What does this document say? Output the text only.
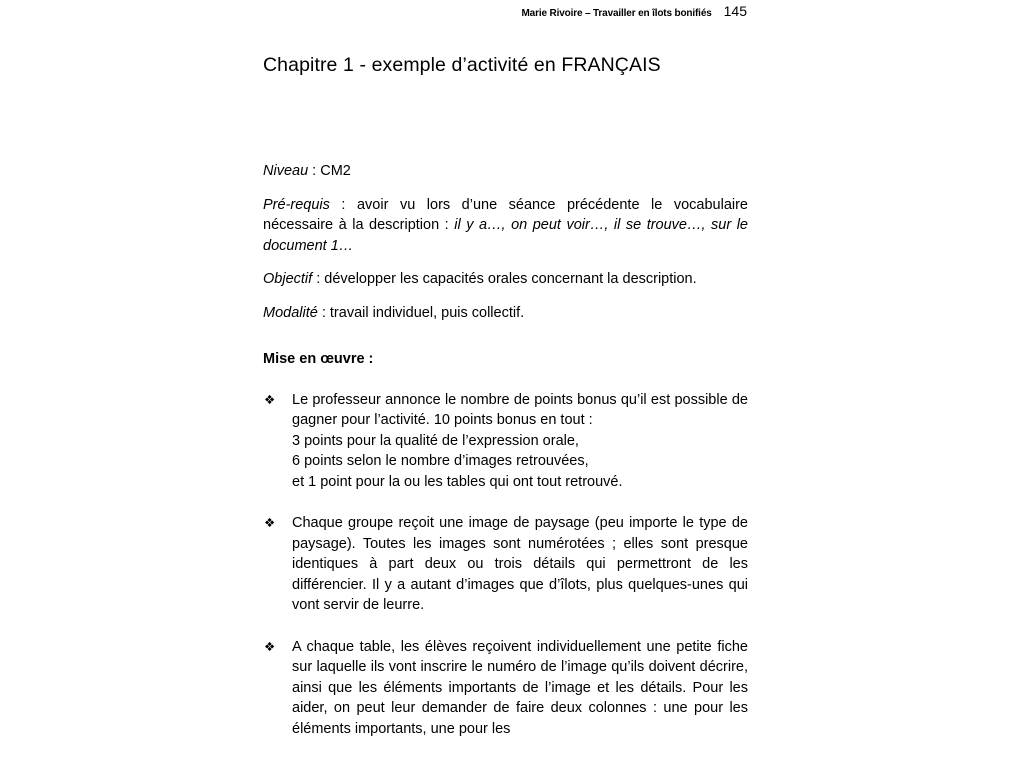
Marie Rivoire – Travailler en îlots bonifiés 145
Chapitre 1 - exemple d’activité en FRANÇAIS

Niveau : CM2

Pré-requis : avoir vu lors d’une séance précédente le vocabulaire nécessaire à la description : il y a…, on peut voir…, il se trouve…, sur le document 1…

Objectif : développer les capacités orales concernant la description.

Modalité : travail individuel, puis collectif.

Mise en œuvre :

❖ Le professeur annonce le nombre de points bonus qu’il est possible de gagner pour l’activité. 10 points bonus en tout :
3 points pour la qualité de l’expression orale,
6 points selon le nombre d’images retrouvées,
et 1 point pour la ou les tables qui ont tout retrouvé.
❖ Chaque groupe reçoit une image de paysage (peu importe le type de paysage). Toutes les images sont numérotées ; elles sont presque identiques à part deux ou trois détails qui permettront de les différencier. Il y a autant d’images que d’îlots, plus quelques-unes qui vont servir de leurre.
❖ A chaque table, les élèves reçoivent individuellement une petite fiche sur laquelle ils vont inscrire le numéro de l’image qu’ils doivent décrire, ainsi que les éléments importants de l’image et les détails. Pour les aider, on peut leur demander de faire deux colonnes : une pour les éléments importants, une pour les
